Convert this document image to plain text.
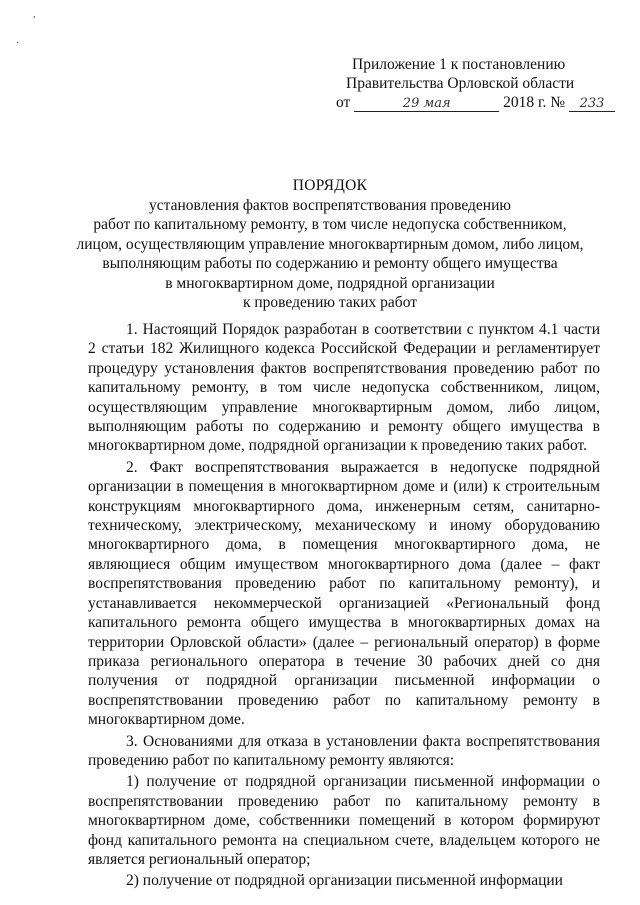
,
·
Приложение 1 к постановлению
Правительства Орловской области
от	29 мая	2018 г. № 233
ПОРЯДОК
установления фактов воспрепятствования проведению
работ по капитальному ремонту, в том числе недопуска собственником,
лицом, осуществляющим управление многоквартирным домом, либо лицом,
выполняющим работы по содержанию и ремонту общего имущества
в многоквартирном доме, подрядной организации
к проведению таких работ

1. Настоящий Порядок разработан в соответствии с пунктом 4.1 части 2 статьи 182 Жилищного кодекса Российской Федерации и регламентирует процедуру установления фактов воспрепятствования проведению работ по капитальному ремонту, в том числе недопуска собственником, лицом, осуществляющим управление многоквартирным домом, либо лицом, выполняющим работы по содержанию и ремонту общего имущества в многоквартирном доме, подрядной организации к проведению таких работ.

2. Факт воспрепятствования выражается в недопуске подрядной организации в помещения в многоквартирном доме и (или) к строительным конструкциям многоквартирного дома, инженерным сетям, санитарно-техническому, электрическому, механическому и иному оборудованию многоквартирного дома, в помещения многоквартирного дома, не являющиеся общим имуществом многоквартирного дома (далее – факт воспрепятствования проведению работ по капитальному ремонту), и устанавливается некоммерческой организацией «Региональный фонд капитального ремонта общего имущества в многоквартирных домах на территории Орловской области» (далее – региональный оператор) в форме приказа регионального оператора в течение 30 рабочих дней со дня получения от подрядной организации письменной информации о воспрепятствовании проведению работ по капитальному ремонту в многоквартирном доме.

3. Основаниями для отказа в установлении факта воспрепятствования проведению работ по капитальному ремонту являются:

1) получение от подрядной организации письменной информации о воспрепятствовании проведению работ по капитальному ремонту в многоквартирном доме, собственники помещений в котором формируют фонд капитального ремонта на специальном счете, владельцем которого не является региональный оператор;

2) получение от подрядной организации письменной информации
